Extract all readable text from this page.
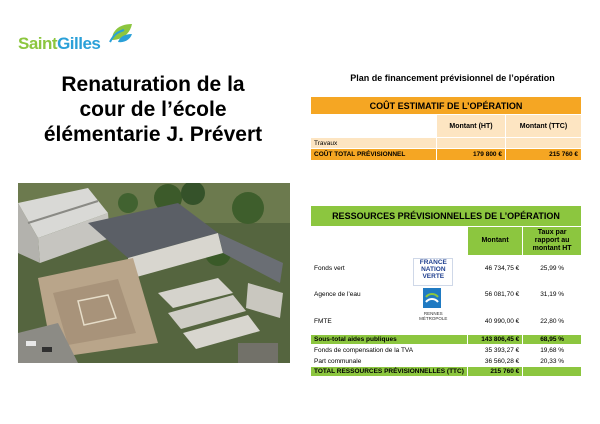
SaintGilles
Renaturation de la
cour de l’école
élémentarie J. Prévert
Plan de financement prévisionnel de l’opération
COÛT ESTIMATIF DE L’OPÉRATION		
	Montant (HT)	Montant (TTC)
Travaux		
COÛT TOTAL PRÉVISIONNEL	179 800 €	215 760 €
RESSOURCES PRÉVISIONNELLES DE L’OPÉRATION			
		Montant	Taux par
rapport au
montant HT

Fonds vert	FRANCE
NATION
VERTE
RENNES
MÉTROPOLE	46 734,75 €	25,99 %
Agence de l’eau		56 081,70 €	31,19 %
FMTE		40 990,00 €	22,80 %
Sous-total aides publiques		143 806,45 €	68,95 %
Fonds de compensation de la TVA		35 393,27 €	19,68 %
Part communale		36 560,28 €	20,33 %
TOTAL RESSOURCES PRÉVISIONNELLES (TTC)		215 760 €	
